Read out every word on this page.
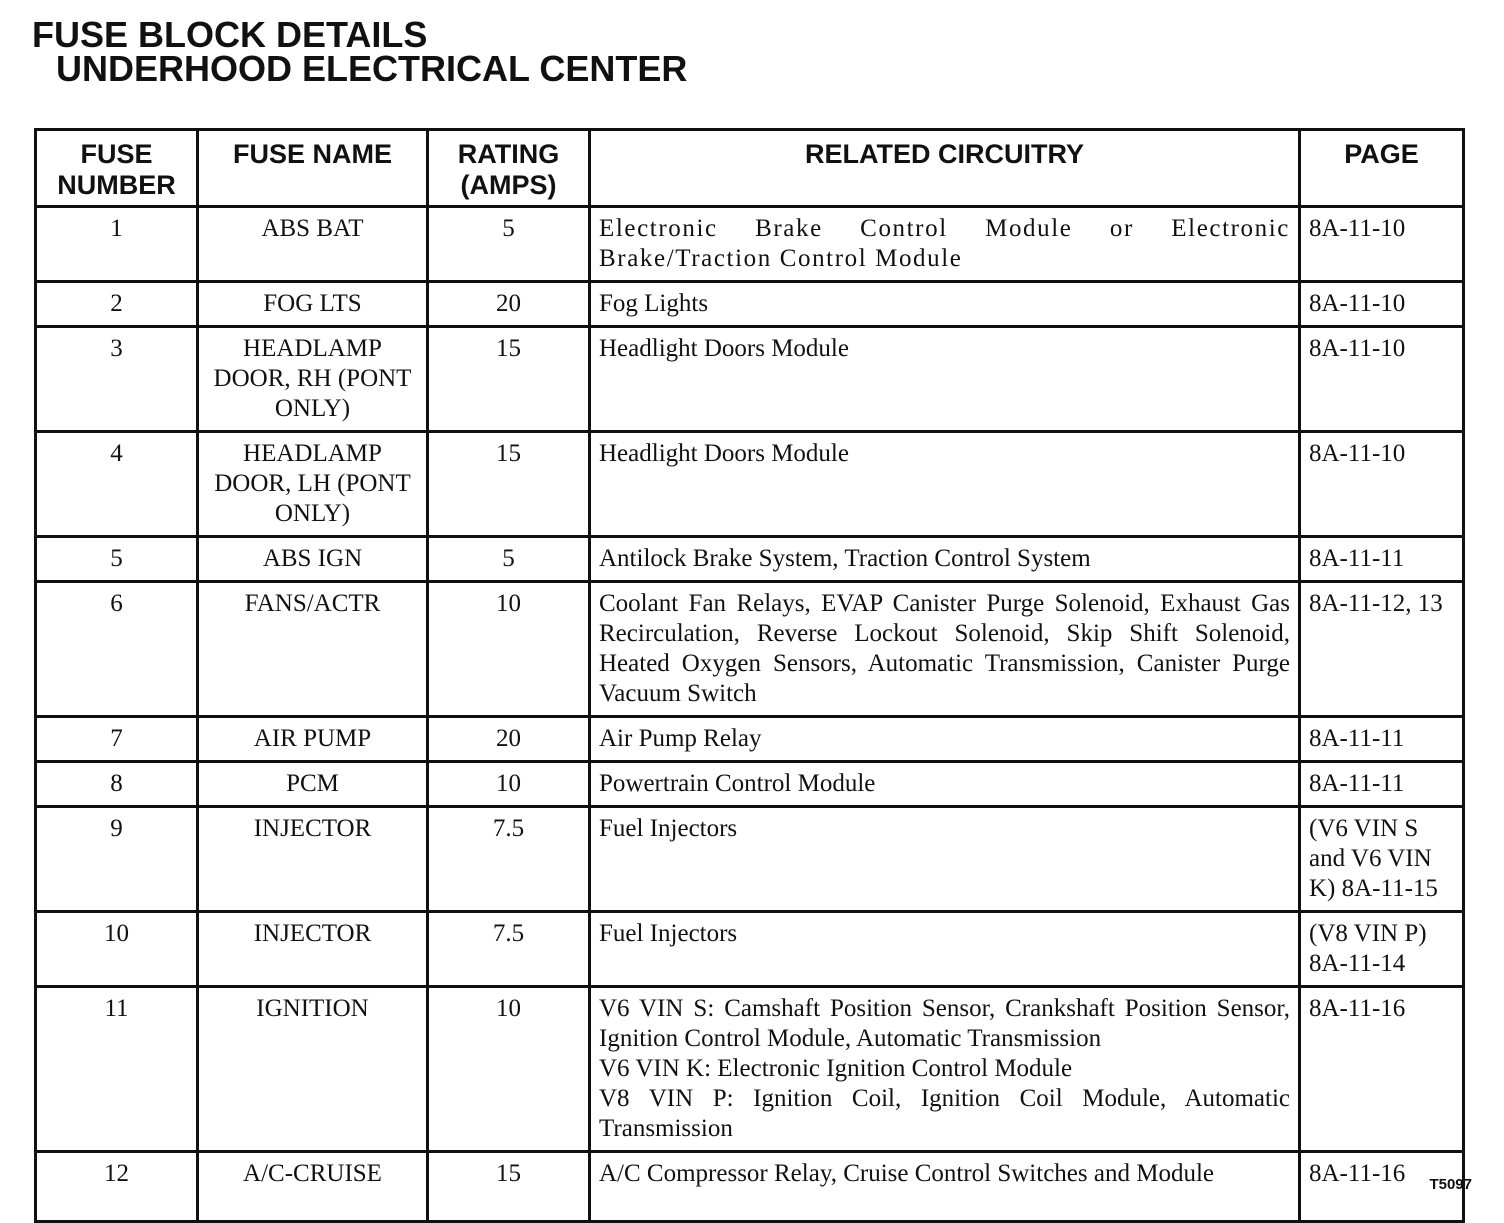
FUSE BLOCK DETAILS
UNDERHOOD ELECTRICAL CENTER
FUSE NUMBER	FUSE NAME	RATING (AMPS)	RELATED CIRCUITRY	PAGE
1	ABS BAT	5	Electronic Brake Control Module or Electronic Brake/Traction Control Module	8A-11-10
2	FOG LTS	20	Fog Lights	8A-11-10
3	HEADLAMP DOOR, RH (PONT ONLY)	15	Headlight Doors Module	8A-11-10
4	HEADLAMP DOOR, LH (PONT ONLY)	15	Headlight Doors Module	8A-11-10
5	ABS IGN	5	Antilock Brake System, Traction Control System	8A-11-11
6	FANS/ACTR	10	Coolant Fan Relays, EVAP Canister Purge Solenoid, Exhaust Gas Recirculation, Reverse Lockout Solenoid, Skip Shift Solenoid, Heated Oxygen Sensors, Automatic Transmission, Canister Purge Vacuum Switch	8A-11-12, 13
7	AIR PUMP	20	Air Pump Relay	8A-11-11
8	PCM	10	Powertrain Control Module	8A-11-11
9	INJECTOR	7.5	Fuel Injectors	(V6 VIN S and V6 VIN K) 8A-11-15
10	INJECTOR	7.5	Fuel Injectors	(V8 VIN P) 8A-11-14
11	IGNITION	10	V6 VIN S: Camshaft Position Sensor, Crankshaft Position Sensor, Ignition Control Module, Automatic Transmission
V6 VIN K: Electronic Ignition Control Module
V8 VIN P: Ignition Coil, Ignition Coil Module, Automatic Transmission	8A-11-16
12	A/C-CRUISE	15	A/C Compressor Relay, Cruise Control Switches and Module	8A-11-16 T5097
